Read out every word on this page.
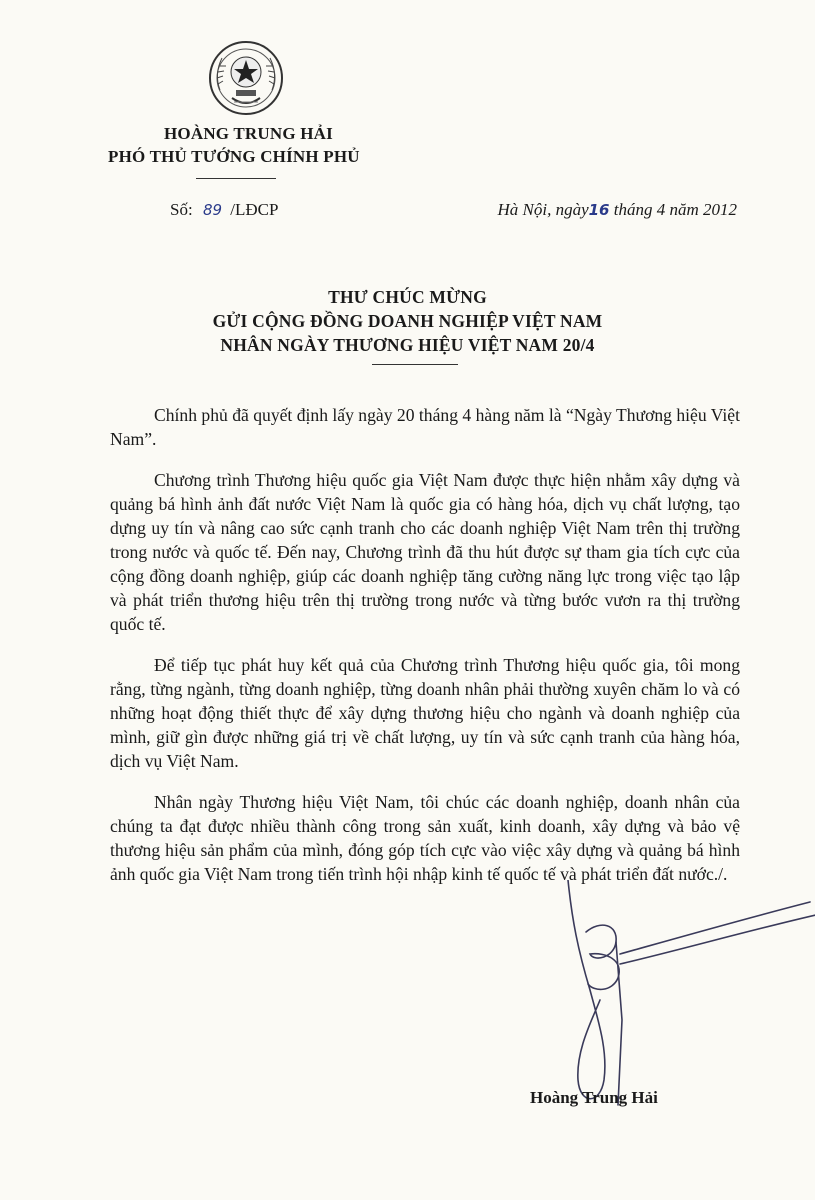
HOÀNG TRUNG HẢI
PHÓ THỦ TƯỚNG CHÍNH PHỦ
Số: 89 /LĐCP	Hà Nội, ngày16 tháng 4 năm 2012
THƯ CHÚC MỪNG
GỬI CỘNG ĐỒNG DOANH NGHIỆP VIỆT NAM
NHÂN NGÀY THƯƠNG HIỆU VIỆT NAM 20/4

Chính phủ đã quyết định lấy ngày 20 tháng 4 hàng năm là “Ngày Thương hiệu Việt Nam”.

Chương trình Thương hiệu quốc gia Việt Nam được thực hiện nhằm xây dựng và quảng bá hình ảnh đất nước Việt Nam là quốc gia có hàng hóa, dịch vụ chất lượng, tạo dựng uy tín và nâng cao sức cạnh tranh cho các doanh nghiệp Việt Nam trên thị trường trong nước và quốc tế. Đến nay, Chương trình đã thu hút được sự tham gia tích cực của cộng đồng doanh nghiệp, giúp các doanh nghiệp tăng cường năng lực trong việc tạo lập và phát triển thương hiệu trên thị trường trong nước và từng bước vươn ra thị trường quốc tế.

Để tiếp tục phát huy kết quả của Chương trình Thương hiệu quốc gia, tôi mong rằng, từng ngành, từng doanh nghiệp, từng doanh nhân phải thường xuyên chăm lo và có những hoạt động thiết thực để xây dựng thương hiệu cho ngành và doanh nghiệp của mình, giữ gìn được những giá trị về chất lượng, uy tín và sức cạnh tranh của hàng hóa, dịch vụ Việt Nam.

Nhân ngày Thương hiệu Việt Nam, tôi chúc các doanh nghiệp, doanh nhân của chúng ta đạt được nhiều thành công trong sản xuất, kinh doanh, xây dựng và bảo vệ thương hiệu sản phẩm của mình, đóng góp tích cực vào việc xây dựng và quảng bá hình ảnh quốc gia Việt Nam trong tiến trình hội nhập kinh tế quốc tế và phát triển đất nước./.

Hoàng Trung Hải
